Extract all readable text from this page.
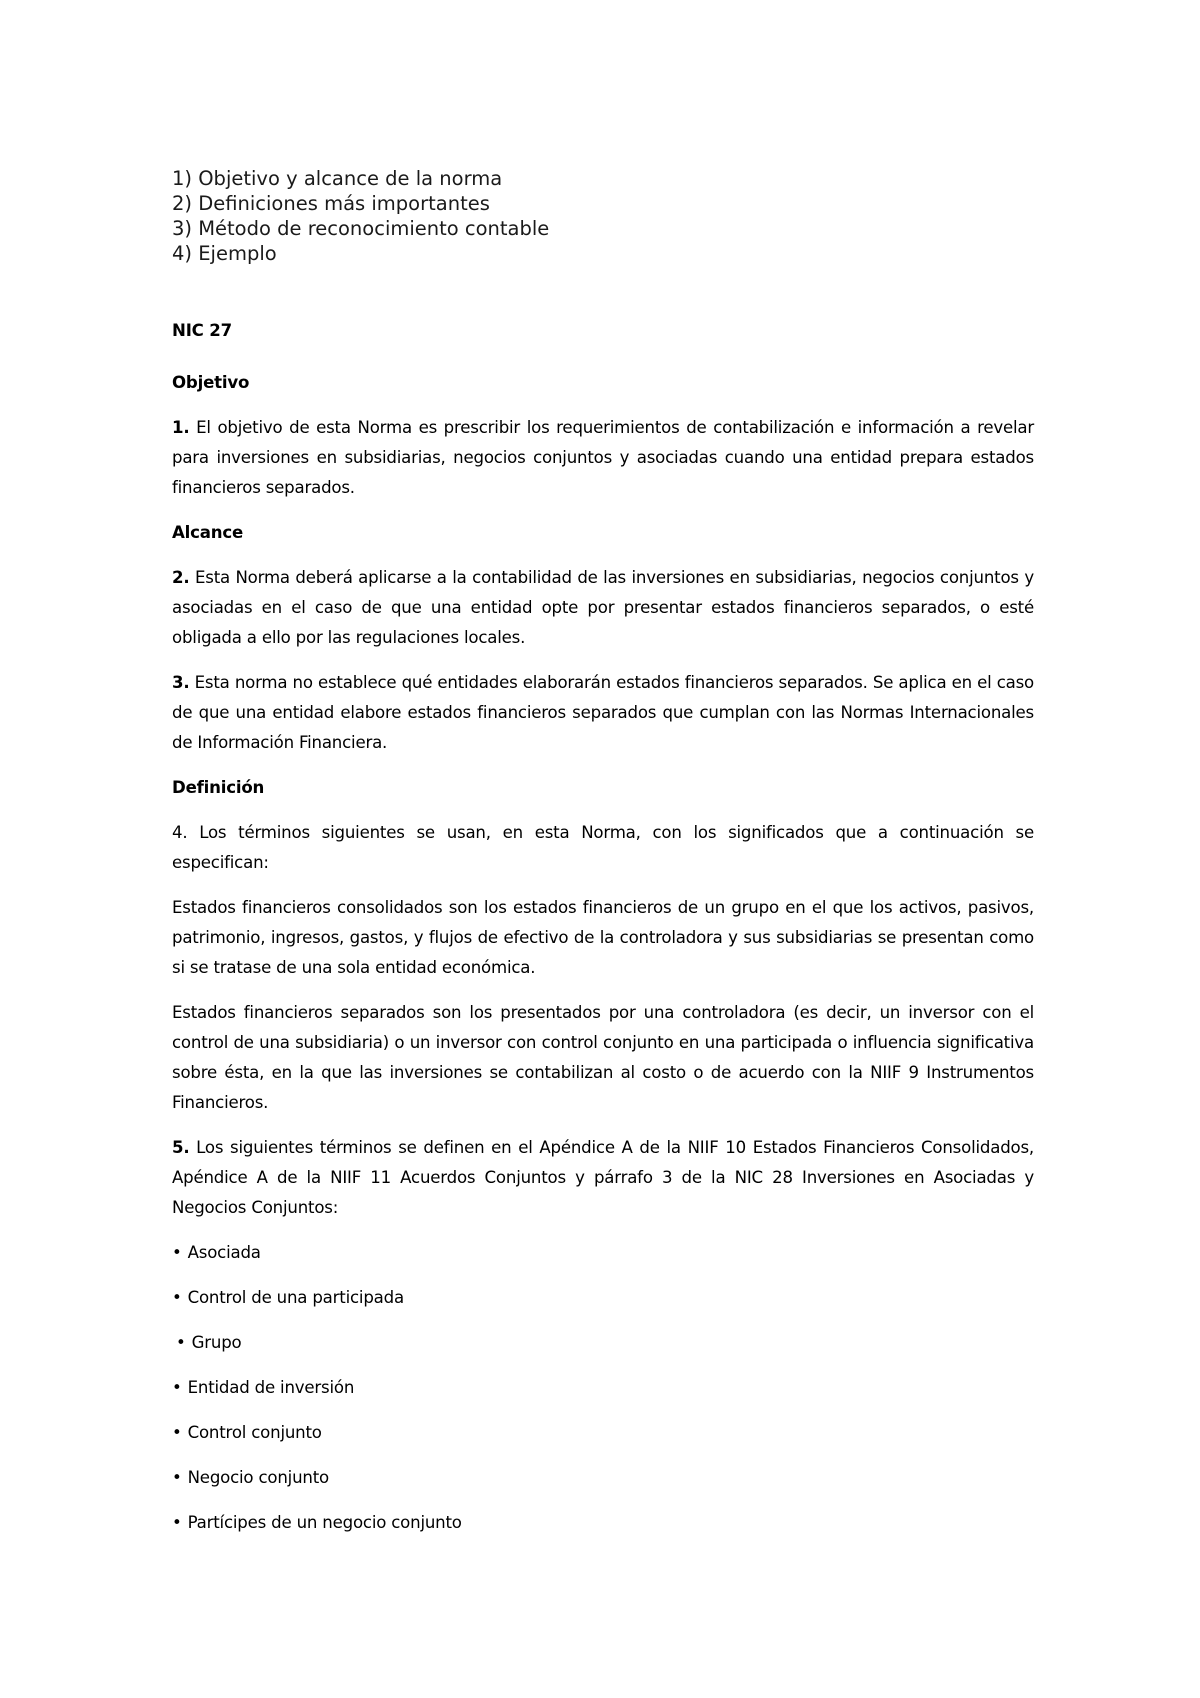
1) Objetivo y alcance de la norma
2) Definiciones más importantes
3) Método de reconocimiento contable
4) Ejemplo
NIC 27
Objetivo
1. El objetivo de esta Norma es prescribir los requerimientos de contabilización e información a revelar para inversiones en subsidiarias, negocios conjuntos y asociadas cuando una entidad prepara estados financieros separados.
Alcance
2. Esta Norma deberá aplicarse a la contabilidad de las inversiones en subsidiarias, negocios conjuntos y asociadas en el caso de que una entidad opte por presentar estados financieros separados, o esté obligada a ello por las regulaciones locales.
3. Esta norma no establece qué entidades elaborarán estados financieros separados. Se aplica en el caso de que una entidad elabore estados financieros separados que cumplan con las Normas Internacionales de Información Financiera.
Definición
4. Los términos siguientes se usan, en esta Norma, con los significados que a continuación se especifican:
Estados financieros consolidados son los estados financieros de un grupo en el que los activos, pasivos, patrimonio, ingresos, gastos, y flujos de efectivo de la controladora y sus subsidiarias se presentan como si se tratase de una sola entidad económica.
Estados financieros separados son los presentados por una controladora (es decir, un inversor con el control de una subsidiaria) o un inversor con control conjunto en una participada o influencia significativa sobre ésta, en la que las inversiones se contabilizan al costo o de acuerdo con la NIIF 9 Instrumentos Financieros.
5. Los siguientes términos se definen en el Apéndice A de la NIIF 10 Estados Financieros Consolidados, Apéndice A de la NIIF 11 Acuerdos Conjuntos y párrafo 3 de la NIC 28 Inversiones en Asociadas y Negocios Conjuntos:
• Asociada
• Control de una participada
• Grupo
• Entidad de inversión
• Control conjunto
• Negocio conjunto
• Partícipes de un negocio conjunto
